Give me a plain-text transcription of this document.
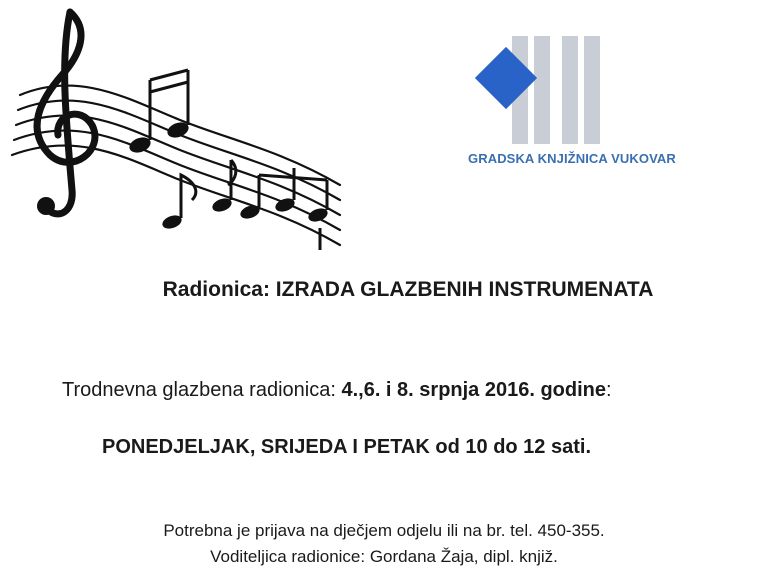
GRADSKA KNJIŽNICA VUKOVAR
Radionica: IZRADA GLAZBENIH INSTRUMENATA
Trodnevna glazbena radionica: 4.,6. i 8. srpnja 2016. godine:
PONEDJELJAK, SRIJEDA I PETAK od 10 do 12 sati.
Potrebna je prijava na dječjem odjelu ili na br. tel. 450-355.
Voditeljica radionice: Gordana Žaja, dipl. knjiž.
